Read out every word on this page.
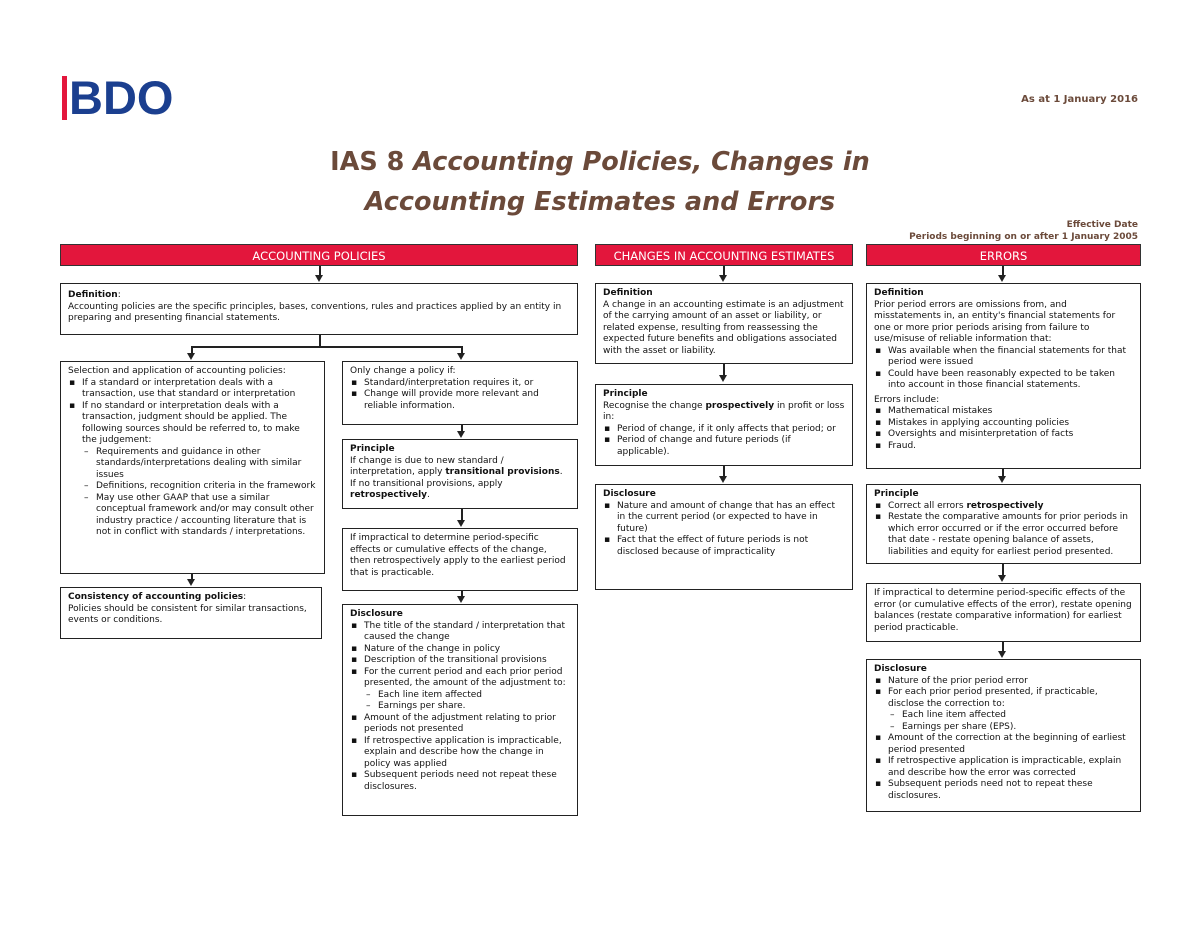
BDO	As at 1 January 2016
IAS 8 Accounting Policies, Changes in
Accounting Estimates and Errors
Effective Date
Periods beginning on or after 1 January 2005
ACCOUNTING POLICIES
Definition:
Accounting policies are the specific principles, bases, conventions, rules and practices applied by an entity in preparing and presenting financial statements.
Selection and application of accounting policies:
▪ If a standard or interpretation deals with a transaction, use that standard or interpretation
▪ If no standard or interpretation deals with a transaction, judgment should be applied. The following sources should be referred to, to make the judgement:
– Requirements and guidance in other standards/interpretations dealing with similar issues
– Definitions, recognition criteria in the framework
– May use other GAAP that use a similar conceptual framework and/or may consult other industry practice / accounting literature that is not in conflict with standards / interpretations.
Consistency of accounting policies:
Policies should be consistent for similar transactions, events or conditions.
Only change a policy if:
▪ Standard/interpretation requires it, or
▪ Change will provide more relevant and reliable information.
Principle
If change is due to new standard / interpretation, apply transitional provisions. If no transitional provisions, apply retrospectively.
If impractical to determine period-specific effects or cumulative effects of the change, then retrospectively apply to the earliest period that is practicable.
Disclosure
▪ The title of the standard / interpretation that caused the change
▪ Nature of the change in policy
▪ Description of the transitional provisions
▪ For the current period and each prior period presented, the amount of the adjustment to:
– Each line item affected
– Earnings per share.
▪ Amount of the adjustment relating to prior periods not presented
▪ If retrospective application is impracticable, explain and describe how the change in policy was applied
▪ Subsequent periods need not repeat these disclosures.
CHANGES IN ACCOUNTING ESTIMATES
Definition
A change in an accounting estimate is an adjustment of the carrying amount of an asset or liability, or related expense, resulting from reassessing the expected future benefits and obligations associated with the asset or liability.
Principle
Recognise the change prospectively in profit or loss in:
▪ Period of change, if it only affects that period; or
▪ Period of change and future periods (if applicable).
Disclosure
▪ Nature and amount of change that has an effect in the current period (or expected to have in future)
▪ Fact that the effect of future periods is not disclosed because of impracticality
ERRORS
Definition
Prior period errors are omissions from, and misstatements in, an entity's financial statements for one or more prior periods arising from failure to use/misuse of reliable information that:
▪ Was available when the financial statements for that period were issued
▪ Could have been reasonably expected to be taken into account in those financial statements.
Errors include:
▪ Mathematical mistakes
▪ Mistakes in applying accounting policies
▪ Oversights and misinterpretation of facts
▪ Fraud.
Principle
▪ Correct all errors retrospectively
▪ Restate the comparative amounts for prior periods in which error occurred or if the error occurred before that date - restate opening balance of assets, liabilities and equity for earliest period presented.
If impractical to determine period-specific effects of the error (or cumulative effects of the error), restate opening balances (restate comparative information) for earliest period practicable.
Disclosure
▪ Nature of the prior period error
▪ For each prior period presented, if practicable, disclose the correction to:
– Each line item affected
– Earnings per share (EPS).
▪ Amount of the correction at the beginning of earliest period presented
▪ If retrospective application is impracticable, explain and describe how the error was corrected
▪ Subsequent periods need not to repeat these disclosures.
